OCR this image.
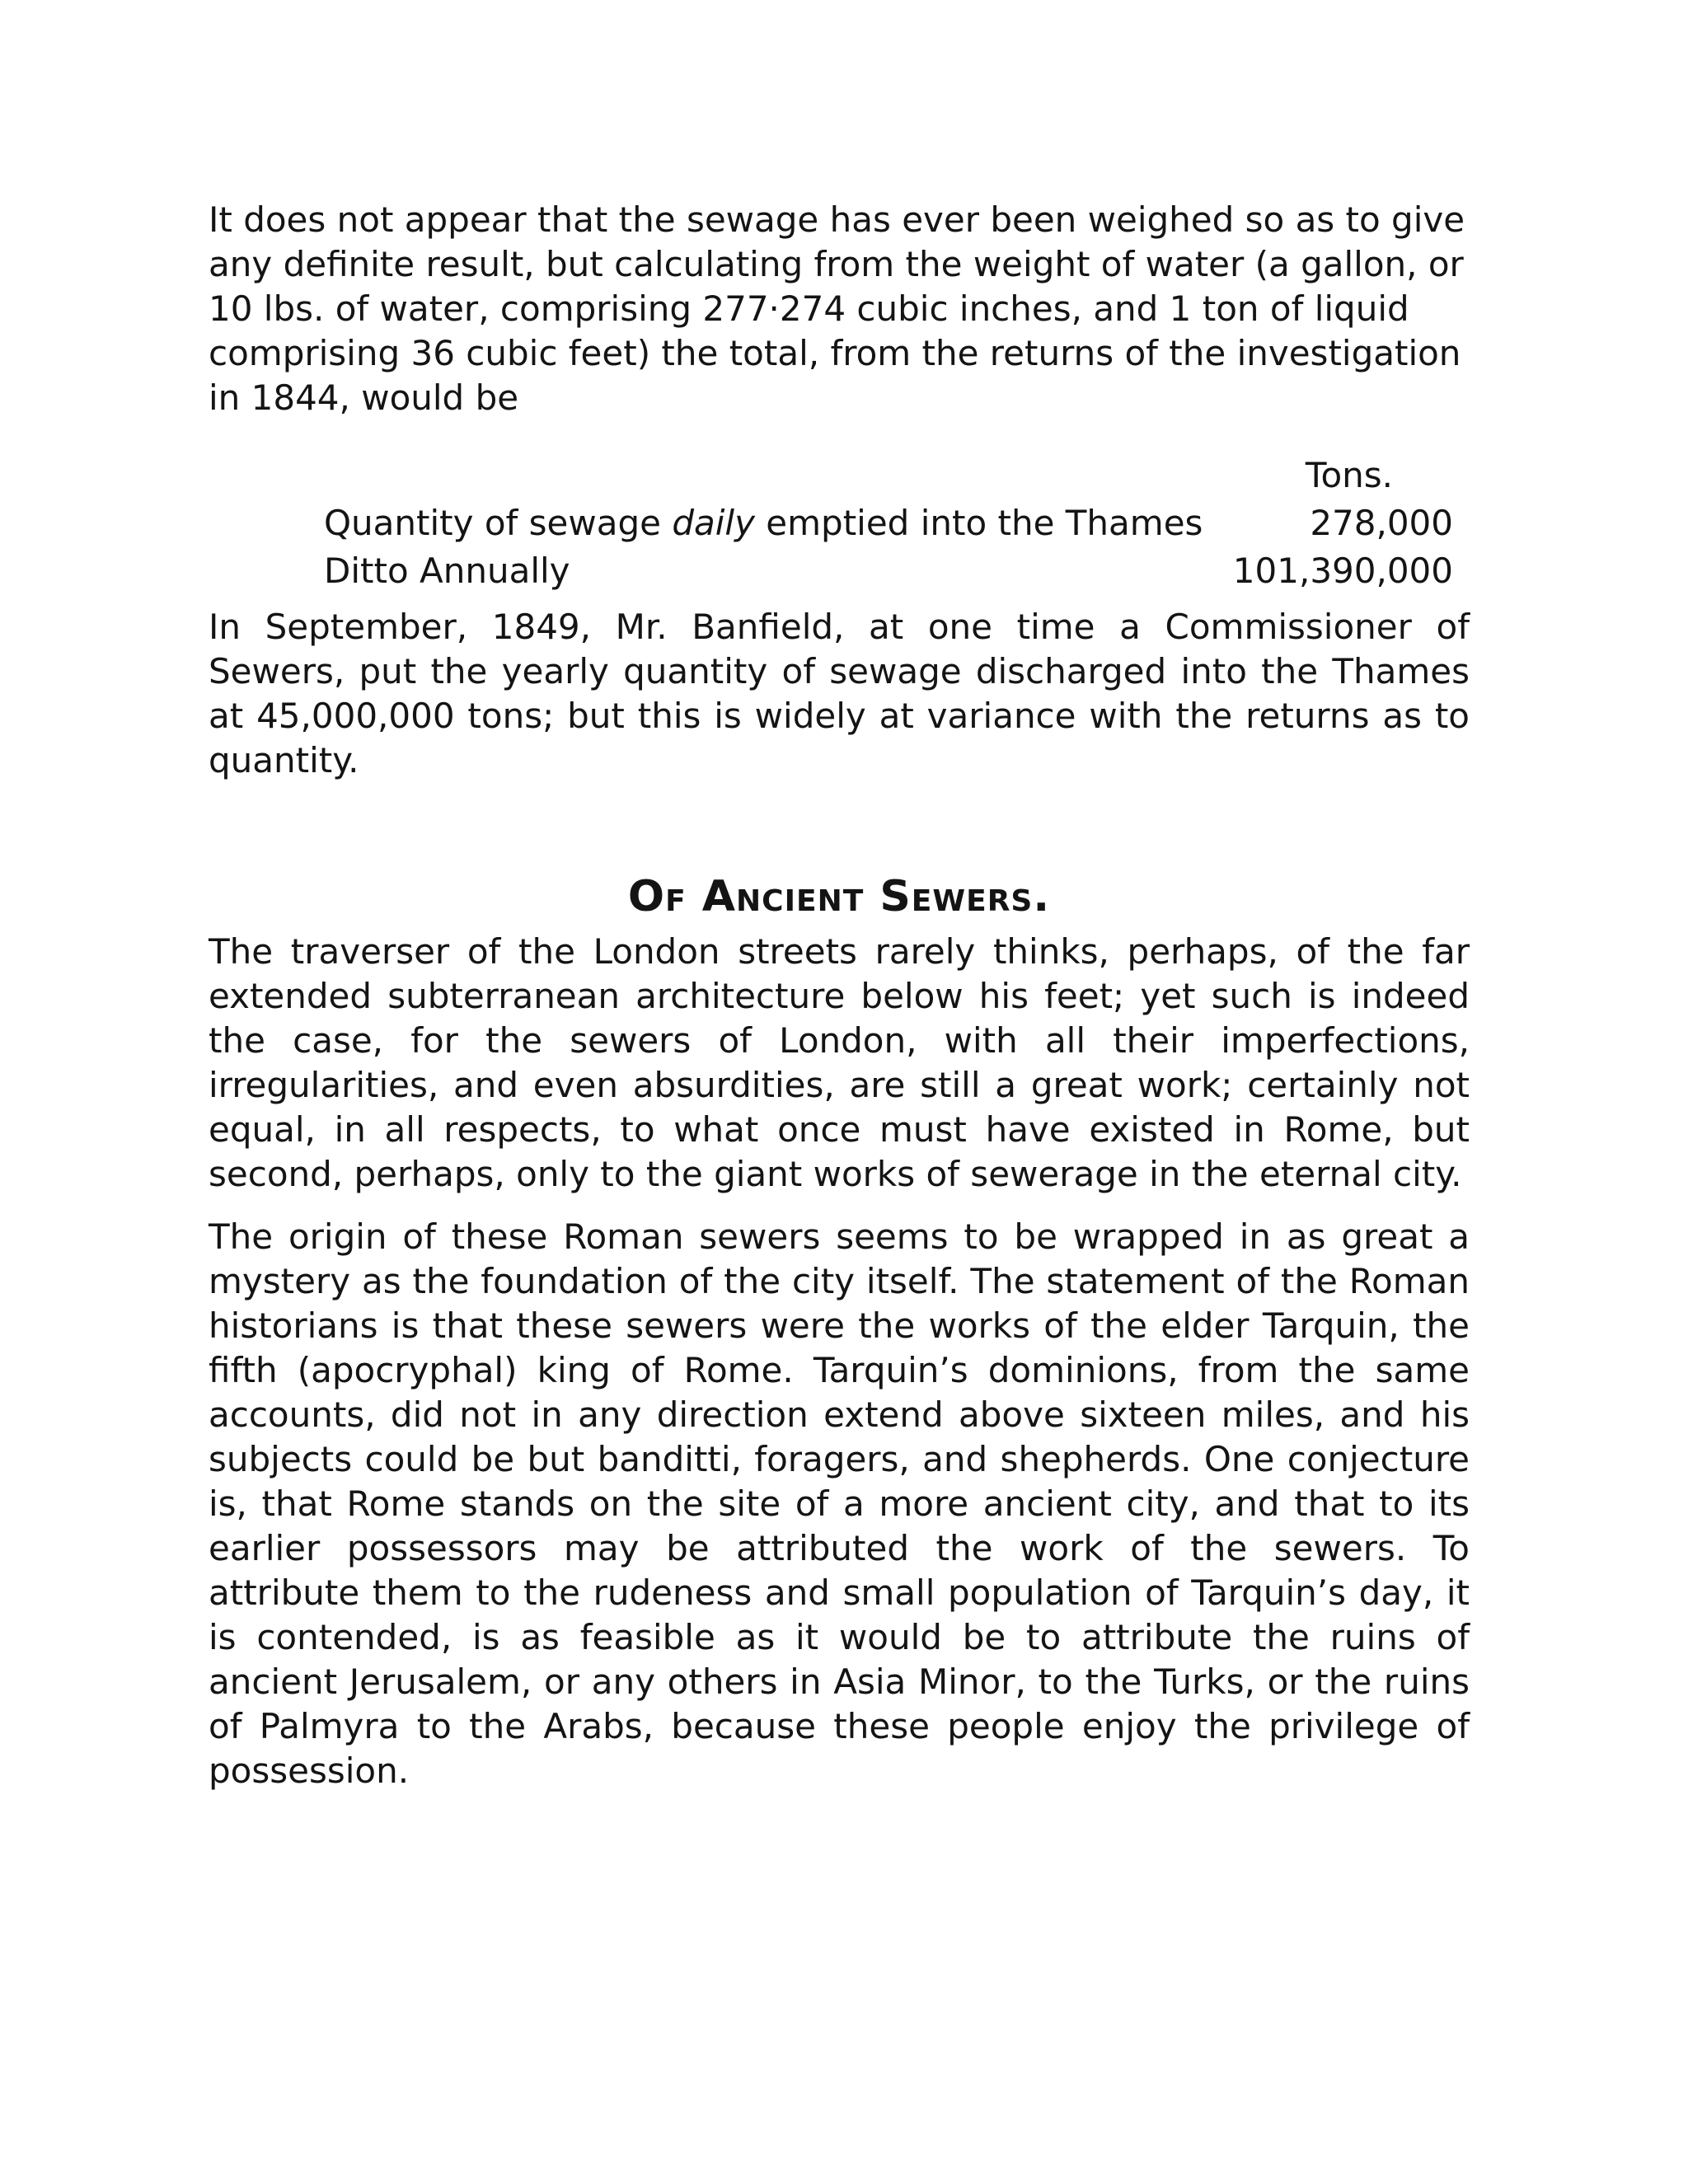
It does not appear that the sewage has ever been weighed so as to give any definite result, but calculating from the weight of water (a gallon, or 10 lbs. of water, comprising 277·274 cubic inches, and 1 ton of liquid comprising 36 cubic feet) the total, from the returns of the investigation in 1844, would be

Tons.
Quantity of sewage daily emptied into the Thames	278,000
Ditto Annually	101,390,000

In September, 1849, Mr. Banfield, at one time a Commissioner of Sewers, put the yearly quantity of sewage discharged into the Thames at 45,000,000 tons; but this is widely at variance with the returns as to quantity.

Of Ancient Sewers.

The traverser of the London streets rarely thinks, perhaps, of the far extended subterranean architecture below his feet; yet such is indeed the case, for the sewers of London, with all their imperfections, irregularities, and even absurdities, are still a great work; certainly not equal, in all respects, to what once must have existed in Rome, but second, perhaps, only to the giant works of sewerage in the eternal city.

The origin of these Roman sewers seems to be wrapped in as great a mystery as the foundation of the city itself. The statement of the Roman historians is that these sewers were the works of the elder Tarquin, the fifth (apocryphal) king of Rome. Tarquin’s dominions, from the same accounts, did not in any direction extend above sixteen miles, and his subjects could be but banditti, foragers, and shepherds. One conjecture is, that Rome stands on the site of a more ancient city, and that to its earlier possessors may be attributed the work of the sewers. To attribute them to the rudeness and small population of Tarquin’s day, it is contended, is as feasible as it would be to attribute the ruins of ancient Jerusalem, or any others in Asia Minor, to the Turks, or the ruins of Palmyra to the Arabs, because these people enjoy the privilege of possession.
